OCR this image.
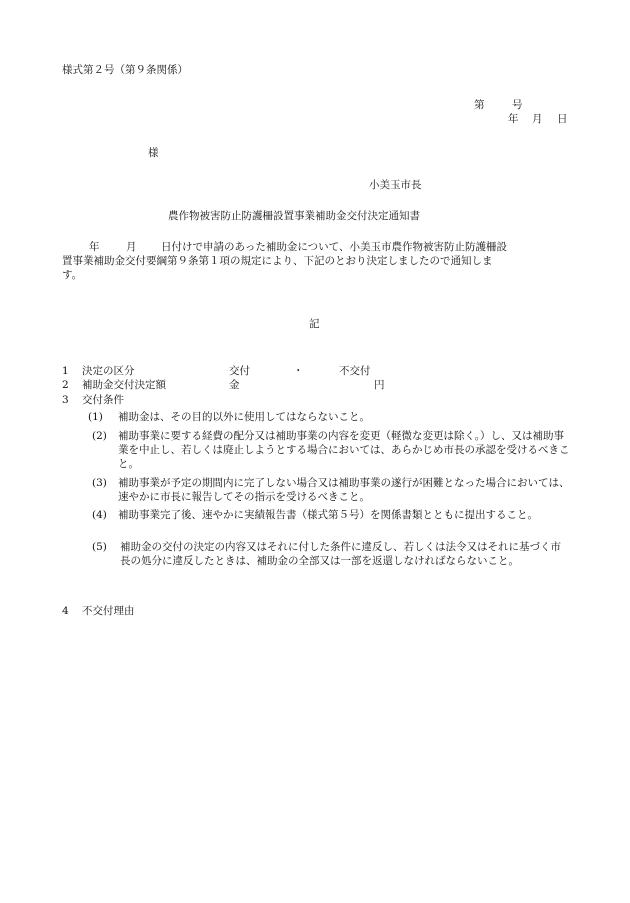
様式第２号（第９条関係）
第	号
年 月 日
様
小美玉市長
農作物被害防止防護柵設置事業補助金交付決定通知書
年	月 日付けで申請のあった補助金について、小美玉市農作物被害防止防護柵設
置事業補助金交付要綱第９条第１項の規定により、下記のとおり決定しましたので通知しま
す。
記
1 決定の区分	交付	・	不交付
2 補助金交付決定額	金	円
3 交付条件
(1) 補助金は、その目的以外に使用してはならないこと。
(2) 補助事業に要する経費の配分又は補助事業の内容を変更（軽微な変更は除く。）し、又は補助事業を中止し、若しくは廃止しようとする場合においては、あらかじめ市長の承認を受けるべきこと。
(3) 補助事業が予定の期間内に完了しない場合又は補助事業の遂行が困難となった場合においては、速やかに市長に報告してその指示を受けるべきこと。
(4) 補助事業完了後、速やかに実績報告書（様式第５号）を関係書類とともに提出すること。
(5) 補助金の交付の決定の内容又はそれに付した条件に違反し、若しくは法令又はそれに基づく市長の処分に違反したときは、補助金の全部又は一部を返還しなければならないこと。
4 不交付理由
